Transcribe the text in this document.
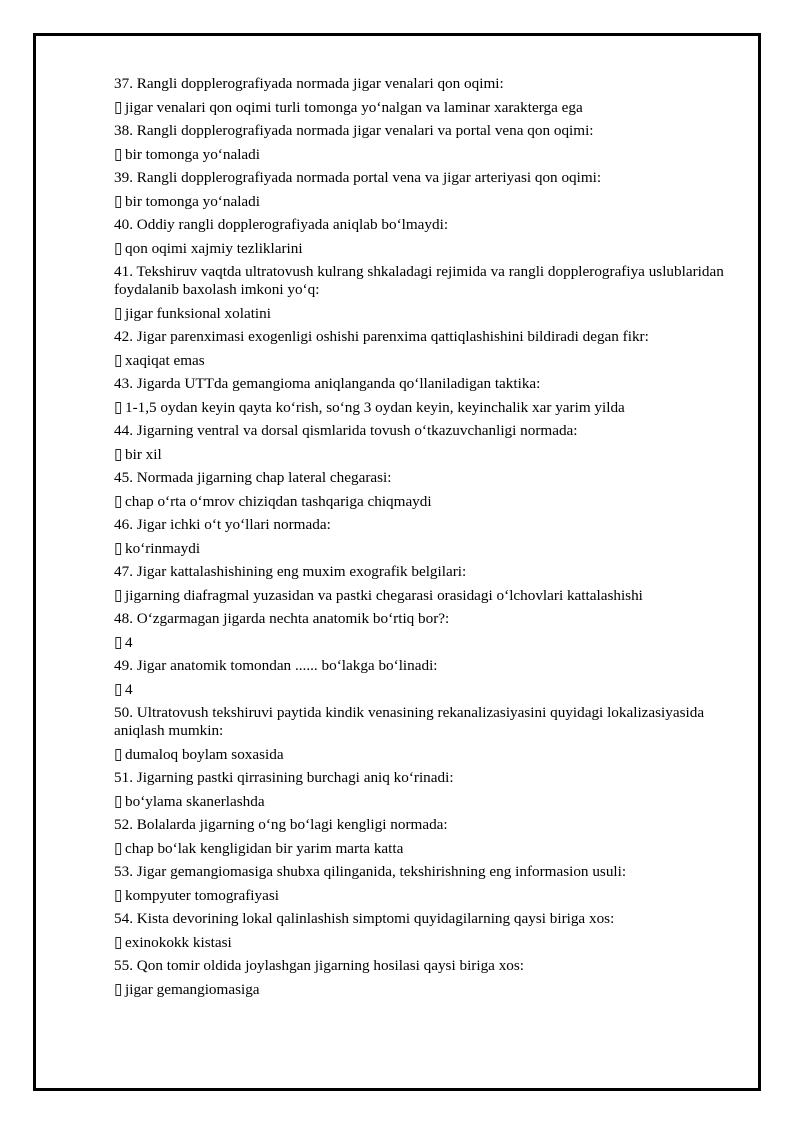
37. Rangli dopplerografiyada normada jigar venalari qon oqimi:

▯ jigar venalari qon oqimi turli tomonga yo‘nalgan va laminar xarakterga ega

38. Rangli dopplerografiyada normada jigar venalari va portal vena qon oqimi:

▯ bir tomonga yo‘naladi

39. Rangli dopplerografiyada normada portal vena va jigar arteriyasi qon oqimi:

▯ bir tomonga yo‘naladi

40. Oddiy rangli dopplerografiyada aniqlab bo‘lmaydi:

▯ qon oqimi xajmiy tezliklarini

41. Tekshiruv vaqtda ultratovush kulrang shkaladagi rejimida va rangli dopplerografiya uslublaridan foydalanib baxolash imkoni yo‘q:

▯ jigar funksional xolatini

42. Jigar parenximasi exogenligi oshishi parenxima qattiqlashishini bildiradi degan fikr:

▯ xaqiqat emas

43. Jigarda UTTda gemangioma aniqlanganda qo‘llaniladigan taktika:

▯ 1-1,5 oydan keyin qayta ko‘rish, so‘ng 3 oydan keyin, keyinchalik xar yarim yilda

44. Jigarning ventral va dorsal qismlarida tovush o‘tkazuvchanligi normada:

▯ bir xil

45. Normada jigarning chap lateral chegarasi:

▯ chap o‘rta o‘mrov chiziqdan tashqariga chiqmaydi

46. Jigar ichki o‘t yo‘llari normada:

▯ ko‘rinmaydi

47. Jigar kattalashishining eng muxim exografik belgilari:

▯ jigarning diafragmal yuzasidan va pastki chegarasi orasidagi o‘lchovlari kattalashishi

48. O‘zgarmagan jigarda nechta anatomik bo‘rtiq bor?:

▯ 4

49. Jigar anatomik tomondan ...... bo‘lakga bo‘linadi:

▯ 4

50. Ultratovush tekshiruvi paytida kindik venasining rekanalizasiyasini quyidagi lokalizasiyasida aniqlash mumkin:

▯ dumaloq boylam soxasida

51. Jigarning pastki qirrasining burchagi aniq ko‘rinadi:

▯ bo‘ylama skanerlashda

52. Bolalarda jigarning o‘ng bo‘lagi kengligi normada:

▯ chap bo‘lak kengligidan bir yarim marta katta

53. Jigar gemangiomasiga shubxa qilinganida, tekshirishning eng informasion usuli:

▯ kompyuter tomografiyasi

54. Kista devorining lokal qalinlashish simptomi quyidagilarning qaysi biriga xos:

▯ exinokokk kistasi

55. Qon tomir oldida joylashgan jigarning hosilasi qaysi biriga xos:

▯ jigar gemangiomasiga
